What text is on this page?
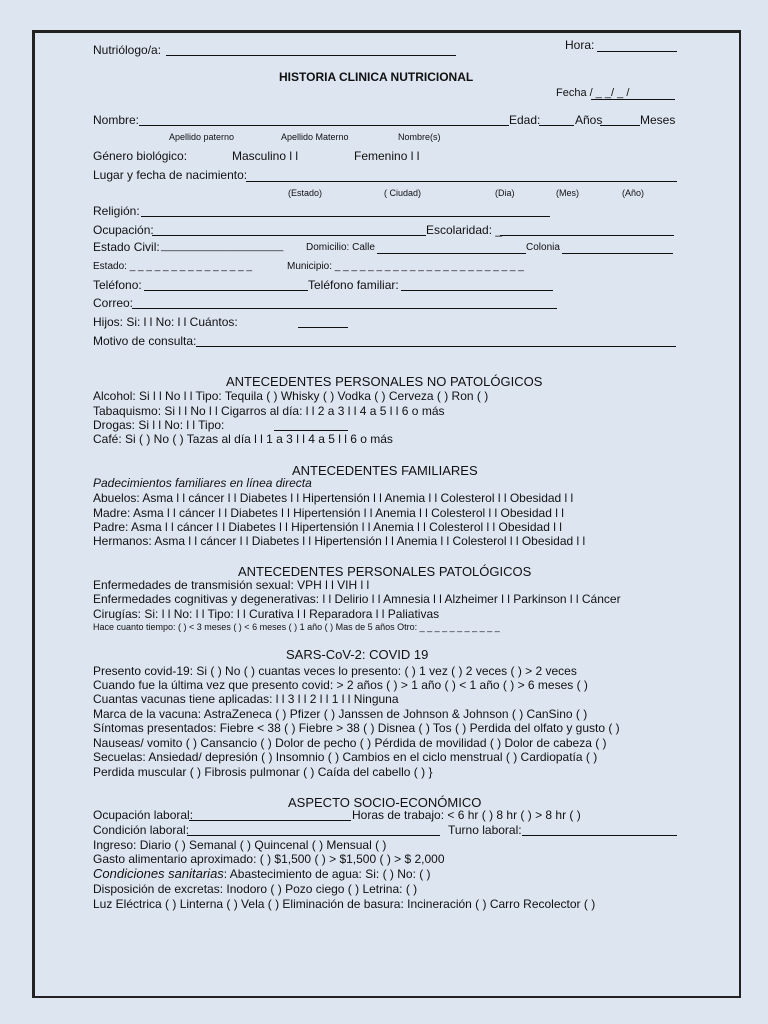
Nutriólogo/a:	Hora:
HISTORIA CLINICA NUTRICIONAL
Fecha / _ _/ _ /
Nombre:	Edad:	Años	Meses
Apellido paterno	Apellido Materno	Nombre(s)
Género biológico:	Masculino l l	Femenino l l
Lugar y fecha de nacimiento:
(Estado)	( Ciudad)	(Dia)	(Mes)	(Año)
Religión:
Ocupación:	Escolaridad: _
Estado Civil: ______________________ Domicilio: Calle	Colonia
Estado: _ _ _ _ _ _ _ _ _ _ _ _ _ _ _	Municipio: _ _ _ _ _ _ _ _ _ _ _ _ _ _ _ _ _ _ _ _ _ _ _
Teléfono:	Teléfono familiar:
Correo:
Hijos: Si: l l No: l l Cuántos:
Motivo de consulta:
ANTECEDENTES PERSONALES NO PATOLÓGICOS
Alcohol: Si l l No l l Tipo: Tequila ( ) Whisky ( ) Vodka ( ) Cerveza ( ) Ron ( )
Tabaquismo: Si l l No l l Cigarros al día: l l 2 a 3 l l 4 a 5 l l 6 o más
Drogas: Si l l No: l l Tipo:
Café: Si ( ) No ( ) Tazas al día l l 1 a 3 l l 4 a 5 l l 6 o más
ANTECEDENTES FAMILIARES
Padecimientos familiares en línea directa
Abuelos: Asma l l cáncer l l Diabetes l l Hipertensión l l Anemia l l Colesterol l l Obesidad l l
Madre: Asma l l cáncer l l Diabetes l l Hipertensión l l Anemia l l Colesterol l l Obesidad l l
Padre: Asma l l cáncer l l Diabetes l l Hipertensión l l Anemia l l Colesterol l l Obesidad l l
Hermanos: Asma l l cáncer l l Diabetes l l Hipertensión l l Anemia l l Colesterol l l Obesidad l l
ANTECEDENTES PERSONALES PATOLÓGICOS
Enfermedades de transmisión sexual: VPH l l VIH l l
Enfermedades cognitivas y degenerativas: l l Delirio l l Amnesia l l Alzheimer l l Parkinson l l Cáncer
Cirugías: Si: l l No: l l Tipo: l l Curativa l l Reparadora l l Paliativas
Hace cuanto tiempo: ( ) < 3 meses ( ) < 6 meses ( ) 1 año ( ) Mas de 5 años Otro: _ _ _ _ _ _ _ _ _ _ _
SARS-CoV-2: COVID 19
Presento covid-19: Si ( ) No ( ) cuantas veces lo presento: ( ) 1 vez ( ) 2 veces ( ) > 2 veces
Cuando fue la última vez que presento covid: > 2 años ( ) > 1 año ( ) < 1 año ( ) > 6 meses ( )
Cuantas vacunas tiene aplicadas: l l 3 l l 2 l l 1 l l Ninguna
Marca de la vacuna: AstraZeneca ( ) Pfizer ( ) Janssen de Johnson & Johnson ( ) CanSino ( )
Síntomas presentados: Fiebre < 38 ( ) Fiebre > 38 ( ) Disnea ( ) Tos ( ) Perdida del olfato y gusto ( )
Nauseas/ vomito ( ) Cansancio ( ) Dolor de pecho ( ) Pérdida de movilidad ( ) Dolor de cabeza ( )
Secuelas: Ansiedad/ depresión ( ) Insomnio ( ) Cambios en el ciclo menstrual ( ) Cardiopatía ( )
Perdida muscular ( ) Fibrosis pulmonar ( ) Caída del cabello ( ) }
ASPECTO SOCIO-ECONÓMICO
Ocupación laboral:	Horas de trabajo: < 6 hr ( ) 8 hr ( ) > 8 hr ( )
Condición laboral:	Turno laboral:
Ingreso: Diario ( ) Semanal ( ) Quincenal ( ) Mensual ( )
Gasto alimentario aproximado: ( ) $1,500 ( ) > $1,500 ( ) > $ 2,000
Condiciones sanitarias: Abastecimiento de agua: Si: ( ) No: ( )
Disposición de excretas: Inodoro ( ) Pozo ciego ( ) Letrina: ( )
Luz Eléctrica ( ) Linterna ( ) Vela ( ) Eliminación de basura: Incineración ( ) Carro Recolector ( )
